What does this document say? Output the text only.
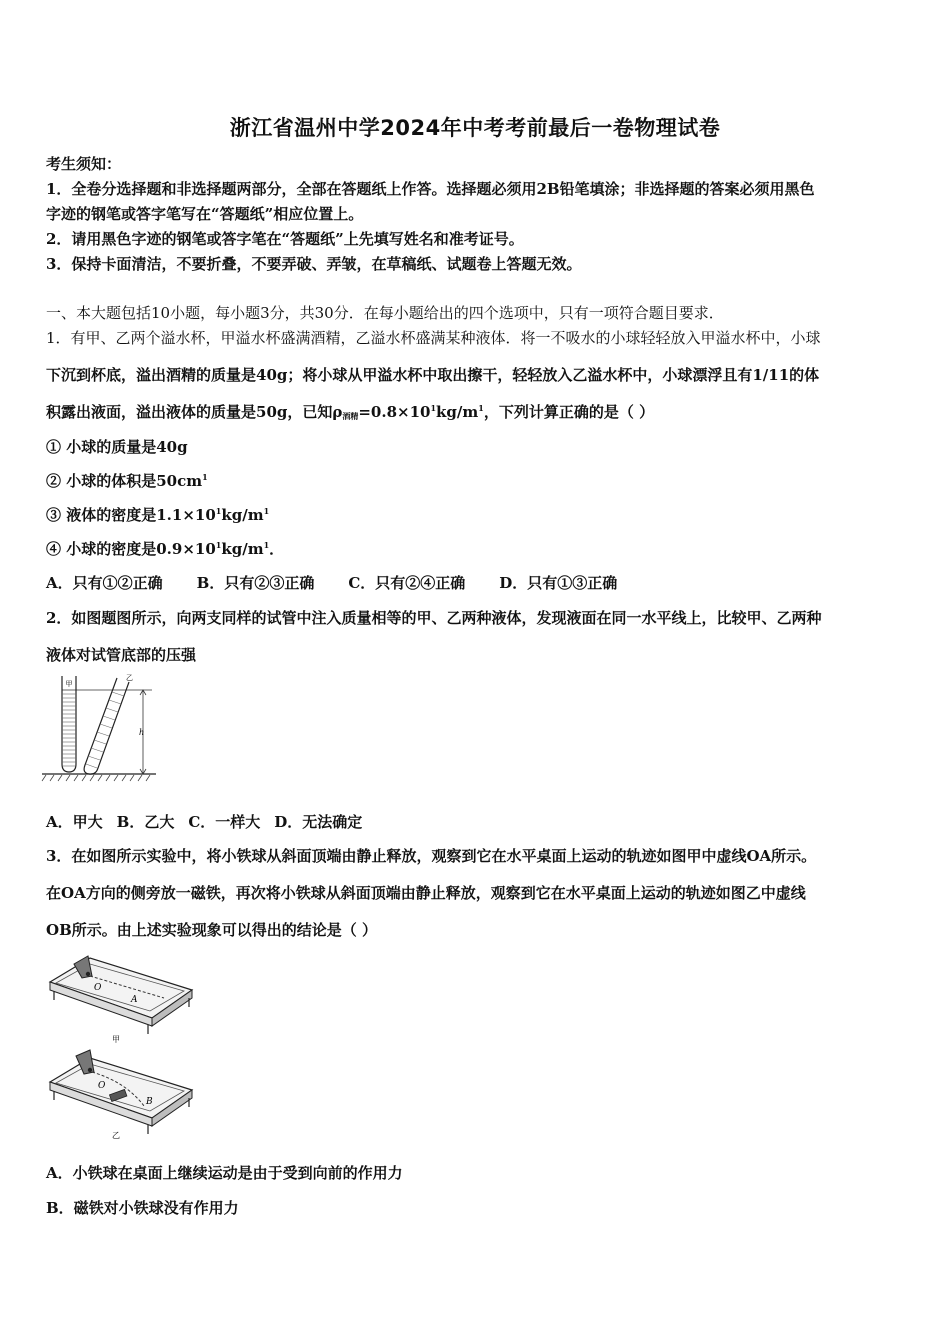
浙江省温州中学2024年中考考前最后一卷物理试卷
考生须知：
1．全卷分选择题和非选择题两部分，全部在答题纸上作答。选择题必须用2B铅笔填涂；非选择题的答案必须用黑色
字迹的钢笔或答字笔写在“答题纸”相应位置上。
2．请用黑色字迹的钢笔或答字笔在“答题纸”上先填写姓名和准考证号。
3．保持卡面清洁，不要折叠，不要弄破、弄皱，在草稿纸、试题卷上答题无效。
一、本大题包括10小题，每小题3分，共30分．在每小题给出的四个选项中，只有一项符合题目要求．
1．有甲、乙两个溢水杯，甲溢水杯盛满酒精，乙溢水杯盛满某种液体．将一不吸水的小球轻轻放入甲溢水杯中，小球
下沉到杯底，溢出酒精的质量是40g；将小球从甲溢水杯中取出擦干，轻轻放入乙溢水杯中，小球漂浮且有1/11的体
积露出液面，溢出液体的质量是50g，已知$\rho_{酒精}=0.8\times 10^1kg/m^1$，下列计算正确的是（ ）
① 小球的质量是40g
② 小球的体积是$50cm^1$
③ 液体的密度是$1.1\times 10^1kg/m^1$
④ 小球的密度是$0.9\times 10^1kg/m^1$．
A．只有①②正确 B．只有②③正确 C．只有②④正确 D．只有①③正确
2．如图题图所示，向两支同样的试管中注入质量相等的甲、乙两种液体，发现液面在同一水平线上，比较甲、乙两种
液体对试管底部的压强
甲
乙
h
A．甲大 B．乙大 C．一样大 D．无法确定
3．在如图所示实验中，将小铁球从斜面顶端由静止释放，观察到它在水平桌面上运动的轨迹如图甲中虚线OA所示。
在OA方向的侧旁放一磁铁，再次将小铁球从斜面顶端由静止释放，观察到它在水平桌面上运动的轨迹如图乙中虚线
OB所示。由上述实验现象可以得出的结论是（ ）
O
A
甲
O
B
乙
A．小铁球在桌面上继续运动是由于受到向前的作用力
B．磁铁对小铁球没有作用力
